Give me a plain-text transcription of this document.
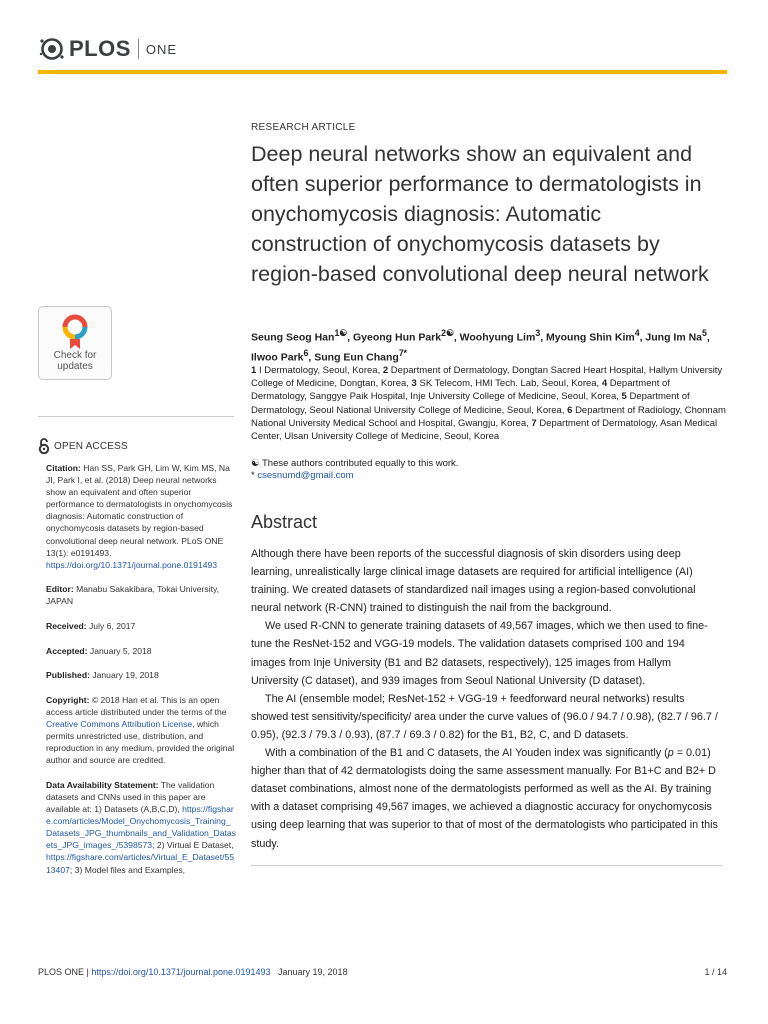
PLOS ONE
RESEARCH ARTICLE
Deep neural networks show an equivalent and often superior performance to dermatologists in onychomycosis diagnosis: Automatic construction of onychomycosis datasets by region-based convolutional deep neural network
Seung Seog Han$^{1☯}$, Gyeong Hun Park$^{2☯}$, Woohyung Lim$^3$, Myoung Shin Kim$^4$, Jung Im Na$^5$, Ilwoo Park$^6$, Sung Eun Chang$^{7*}$
1 I Dermatology, Seoul, Korea, 2 Department of Dermatology, Dongtan Sacred Heart Hospital, Hallym University College of Medicine, Dongtan, Korea, 3 SK Telecom, HMI Tech. Lab, Seoul, Korea, 4 Department of Dermatology, Sanggye Paik Hospital, Inje University College of Medicine, Seoul, Korea, 5 Department of Dermatology, Seoul National University College of Medicine, Seoul, Korea, 6 Department of Radiology, Chonnam National University Medical School and Hospital, Gwangju, Korea, 7 Department of Dermatology, Asan Medical Center, Ulsan University College of Medicine, Seoul, Korea
☯ These authors contributed equally to this work.
* csesnumd@gmail.com
Abstract

Although there have been reports of the successful diagnosis of skin disorders using deep learning, unrealistically large clinical image datasets are required for artificial intelligence (AI) training. We created datasets of standardized nail images using a region-based convolutional neural network (R-CNN) trained to distinguish the nail from the background.

We used R-CNN to generate training datasets of 49,567 images, which we then used to fine-tune the ResNet-152 and VGG-19 models. The validation datasets comprised 100 and 194 images from Inje University (B1 and B2 datasets, respectively), 125 images from Hallym University (C dataset), and 939 images from Seoul National University (D dataset).

The AI (ensemble model; ResNet-152 + VGG-19 + feedforward neural networks) results showed test sensitivity/specificity/ area under the curve values of (96.0 / 94.7 / 0.98), (82.7 / 96.7 / 0.95), (92.3 / 79.3 / 0.93), (87.7 / 69.3 / 0.82) for the B1, B2, C, and D datasets.

With a combination of the B1 and C datasets, the AI Youden index was significantly (p = 0.01) higher than that of 42 dermatologists doing the same assessment manually. For B1+C and B2+ D dataset combinations, almost none of the dermatologists performed as well as the AI. By training with a dataset comprising 49,567 images, we achieved a diagnostic accuracy for onychomycosis using deep learning that was superior to that of most of the dermatologists who participated in this study.

Check for updates
OPEN ACCESS
Citation: Han SS, Park GH, Lim W, Kim MS, Na JI, Park I, et al. (2018) Deep neural networks show an equivalent and often superior performance to dermatologists in onychomycosis diagnosis: Automatic construction of onychomycosis datasets by region-based convolutional deep neural network. PLoS ONE 13(1): e0191493. https://doi.org/10.1371/journal.pone.0191493
Editor: Manabu Sakakibara, Tokai University, JAPAN
Received: July 6, 2017
Accepted: January 5, 2018
Published: January 19, 2018
Copyright: © 2018 Han et al. This is an open access article distributed under the terms of the Creative Commons Attribution License, which permits unrestricted use, distribution, and reproduction in any medium, provided the original author and source are credited.
Data Availability Statement: The validation datasets and CNNs used in this paper are available at: 1) Datasets (A,B,C,D), https://figshare.com/articles/Model_Onychomycosis_Training_Datasets_JPG_thumbnails_and_Validation_Datasets_JPG_images_/5398573; 2) Virtual E Dataset, https://figshare.com/articles/Virtual_E_Dataset/5513407; 3) Model files and Examples,
PLOS ONE | https://doi.org/10.1371/journal.pone.0191493   January 19, 2018	1 / 14
